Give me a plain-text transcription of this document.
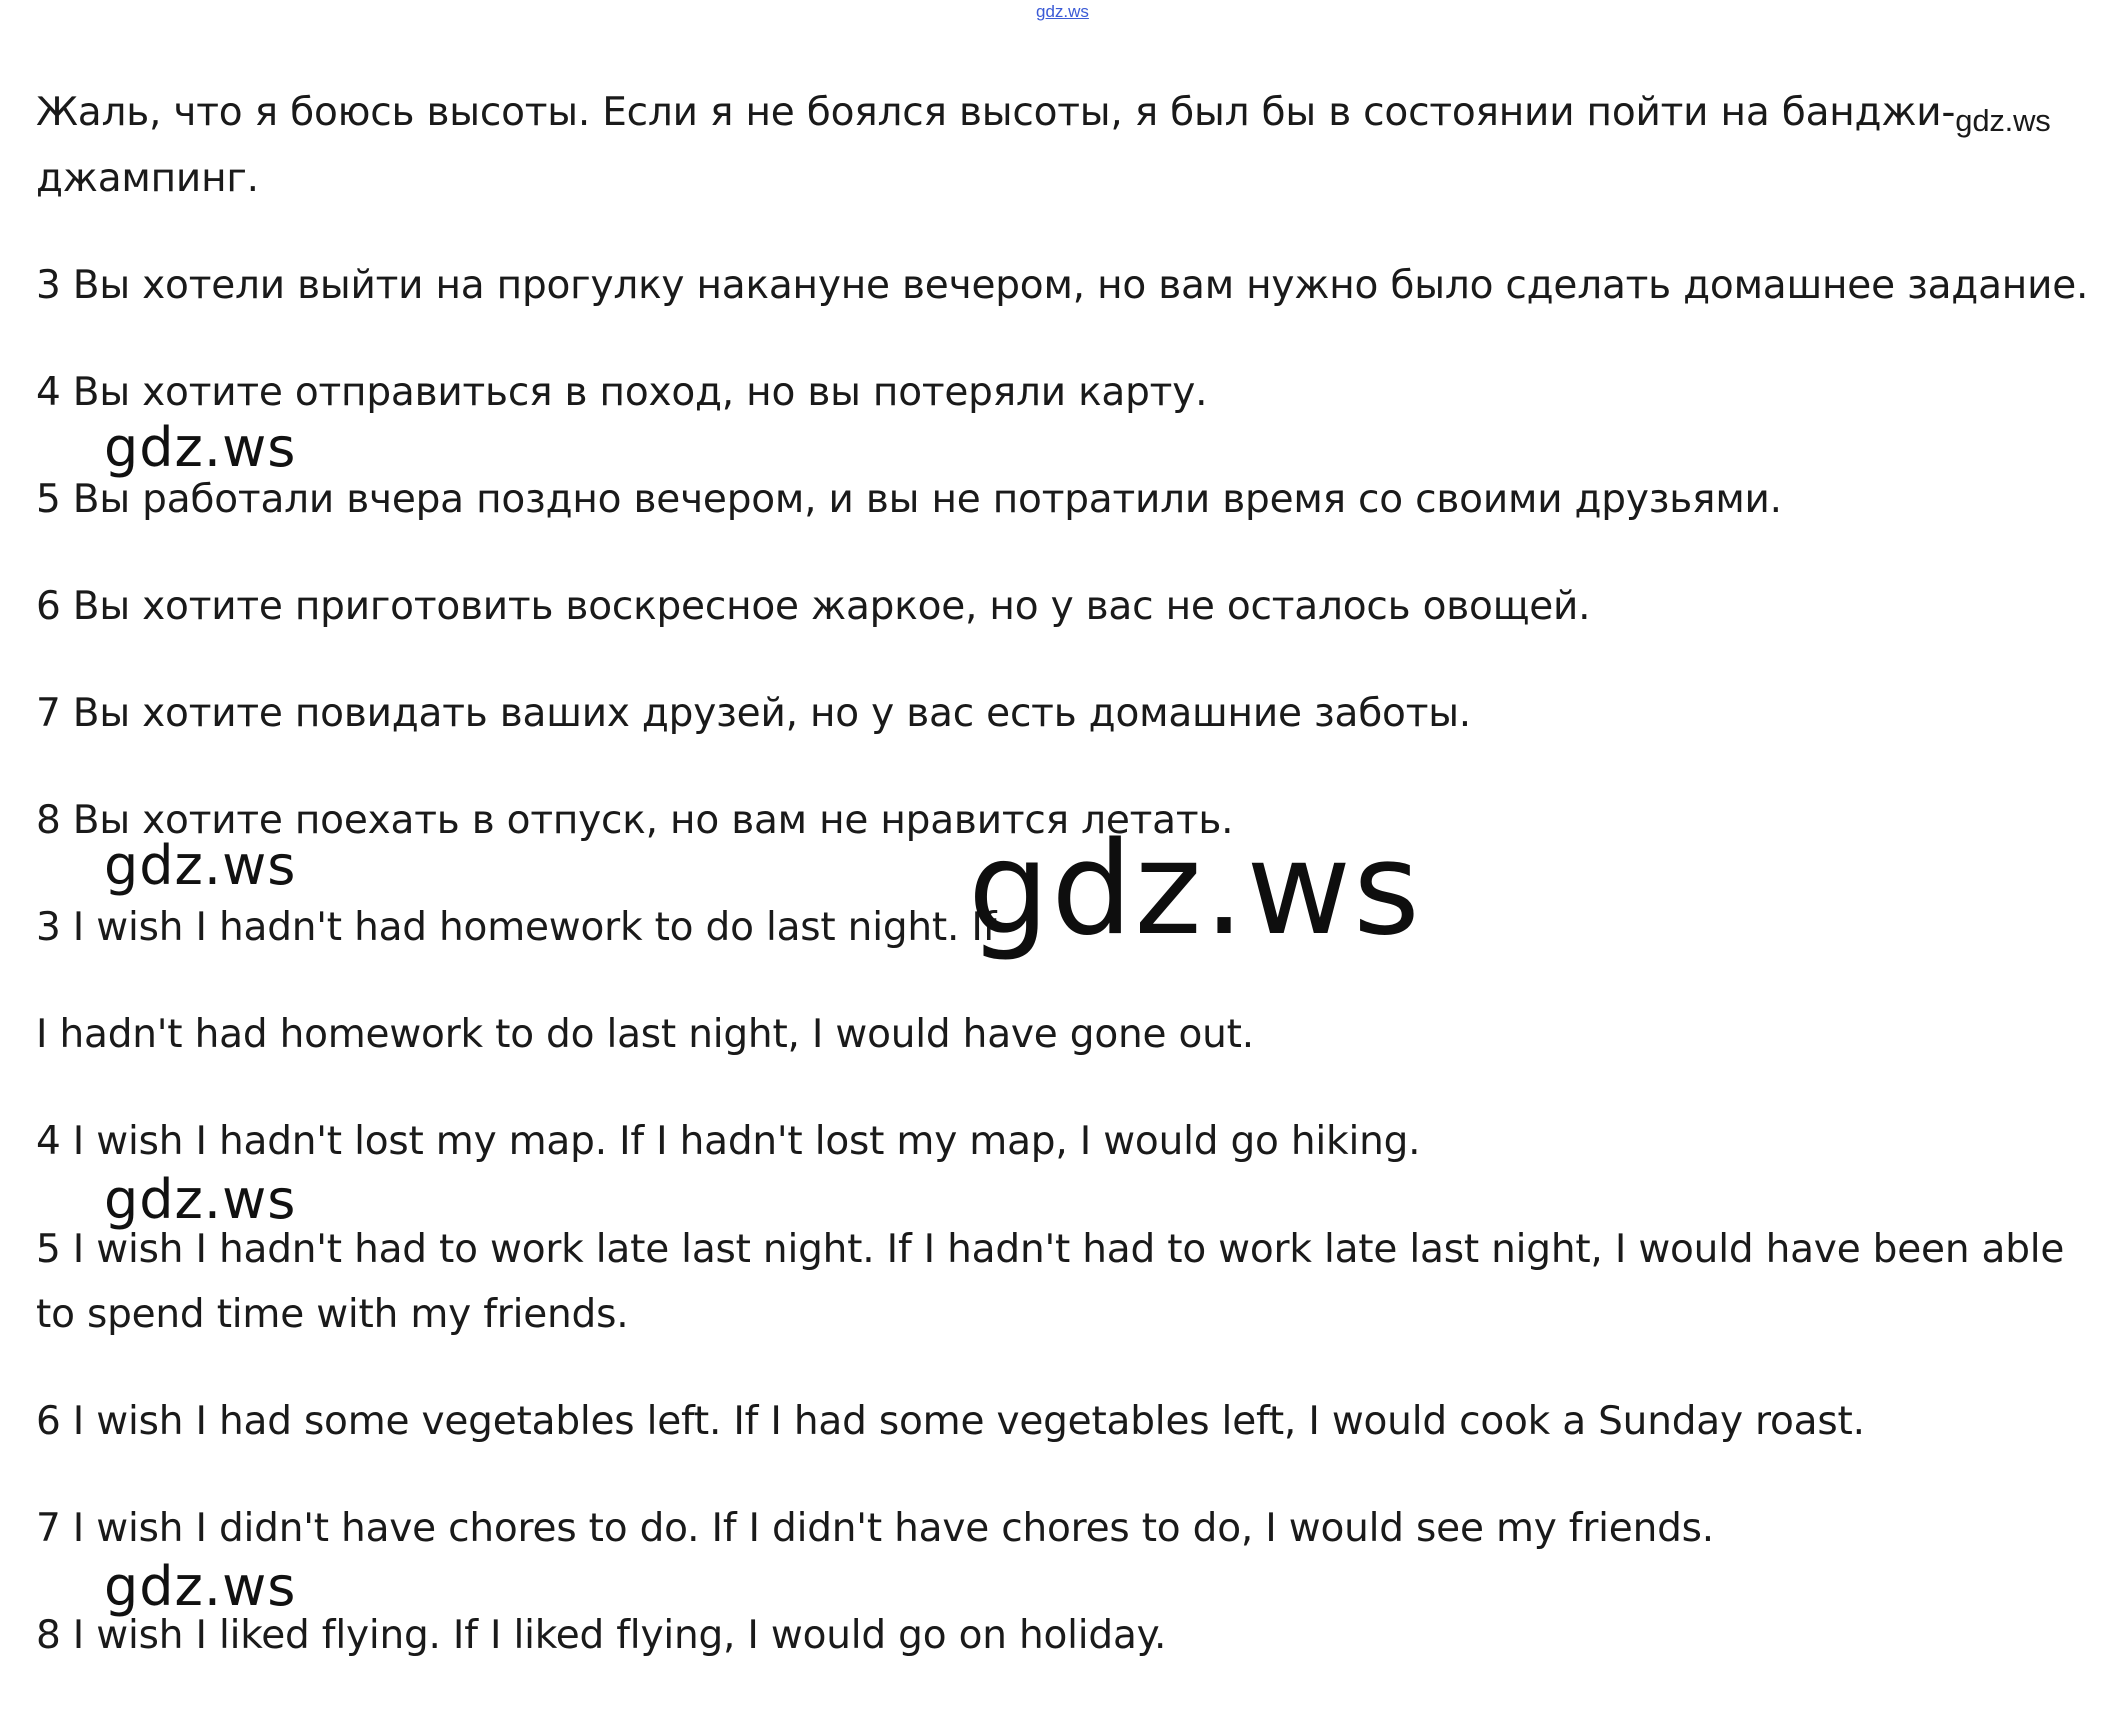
gdz.ws
Жаль, что я боюсь высоты. Если я не боялся высоты, я был бы в состоянии пойти на банджи-gdz.ws
джампинг.
3 Вы хотели выйти на прогулку накануне вечером, но вам нужно было сделать домашнее задание.
4 Вы хотите отправиться в поход, но вы потеряли карту.
gdz.ws
5 Вы работали вчера поздно вечером, и вы не потратили время со своими друзьями.
6 Вы хотите приготовить воскресное жаркое, но у вас не осталось овощей.
7 Вы хотите повидать ваших друзей, но у вас есть домашние заботы.
8 Вы хотите поехать в отпуск, но вам не нравится летать.
gdz.ws
3 I wish I hadn't had homework to do last night. If
gdz.ws
I hadn't had homework to do last night, I would have gone out.
4 I wish I hadn't lost my map. If I hadn't lost my map, I would go hiking.
gdz.ws
5 I wish I hadn't had to work late last night. If I hadn't had to work late last night, I would have been able
to spend time with my friends.
6 I wish I had some vegetables left. If I had some vegetables left, I would cook a Sunday roast.
7 I wish I didn't have chores to do. If I didn't have chores to do, I would see my friends.
gdz.ws
8 I wish I liked flying. If I liked flying, I would go on holiday.
